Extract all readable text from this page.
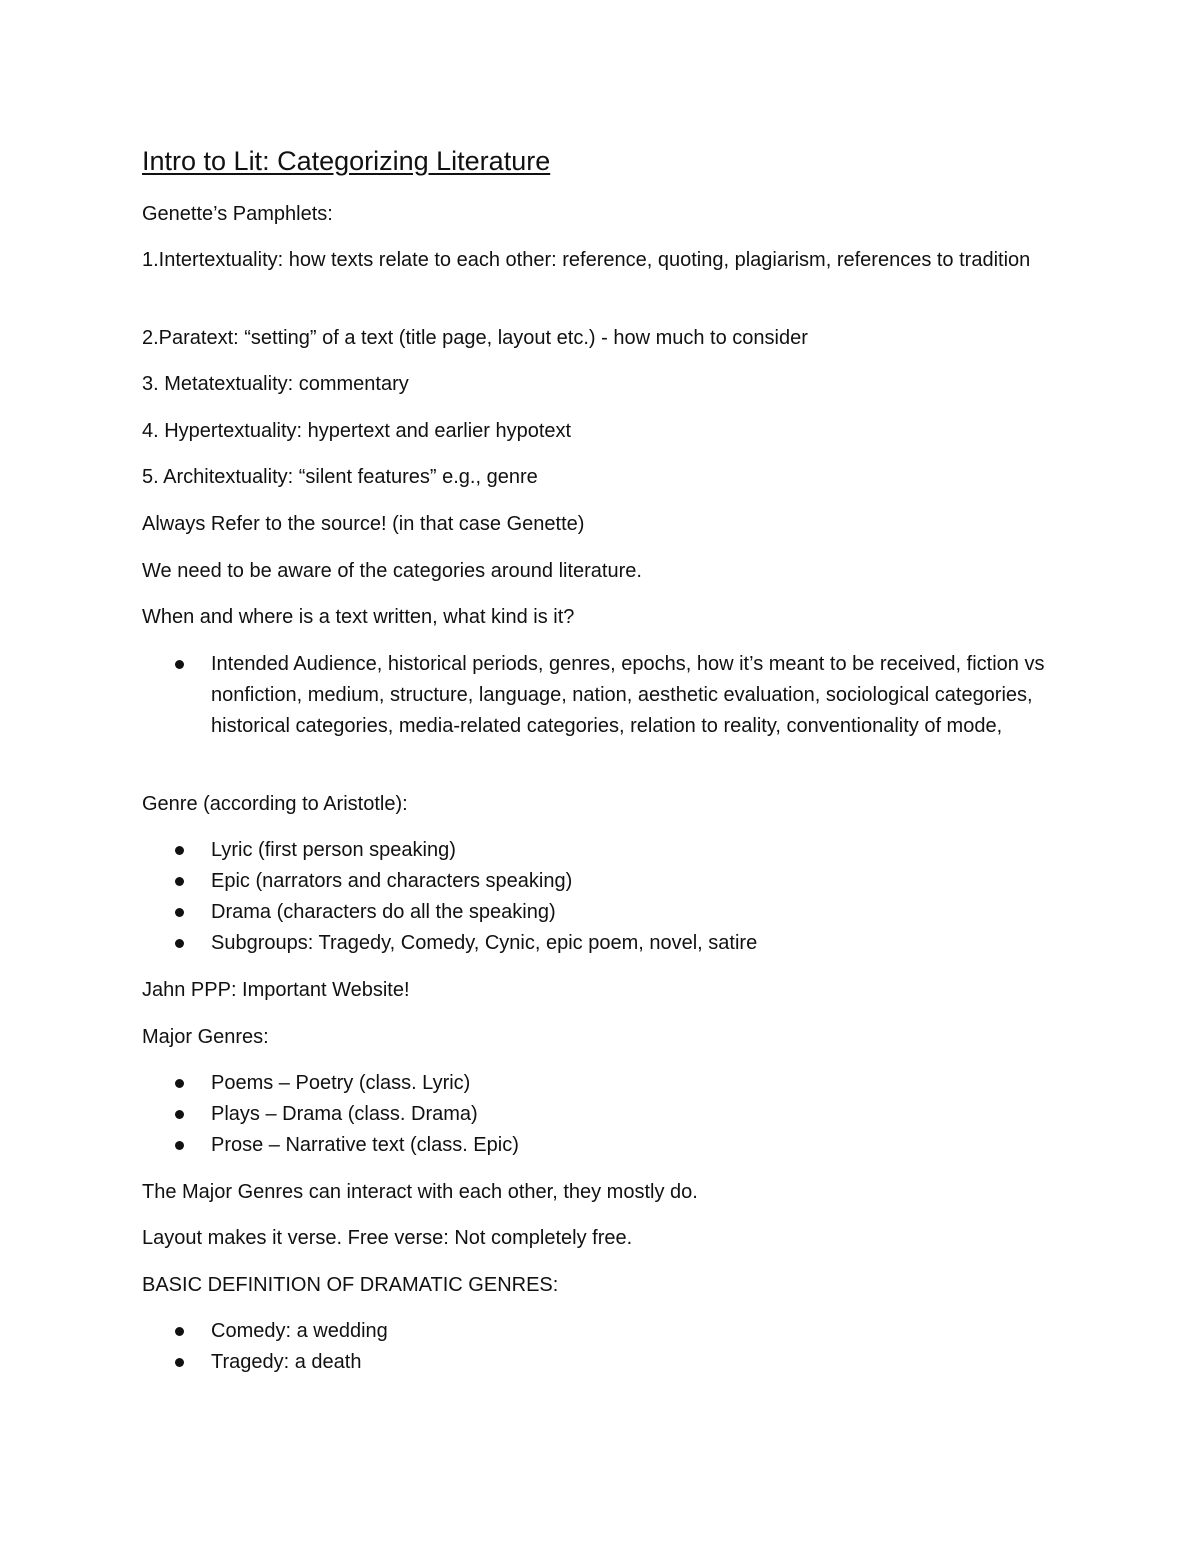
Intro to Lit: Categorizing Literature
Genette’s Pamphlets:
1.Intertextuality: how texts relate to each other: reference, quoting, plagiarism, references to tradition
2.Paratext: “setting” of a text (title page, layout etc.) - how much to consider
3. Metatextuality: commentary
4. Hypertextuality: hypertext and earlier hypotext
5. Architextuality: “silent features” e.g., genre
Always Refer to the source! (in that case Genette)
We need to be aware of the categories around literature.
When and where is a text written, what kind is it?
Intended Audience, historical periods, genres, epochs, how it’s meant to be received, fiction vs nonfiction, medium, structure, language, nation, aesthetic evaluation, sociological categories, historical categories, media-related categories, relation to reality, conventionality of mode,
Genre (according to Aristotle):
Lyric (first person speaking)
Epic (narrators and characters speaking)
Drama (characters do all the speaking)
Subgroups: Tragedy, Comedy, Cynic, epic poem, novel, satire
Jahn PPP: Important Website!
Major Genres:
Poems – Poetry (class. Lyric)
Plays – Drama (class. Drama)
Prose – Narrative text (class. Epic)
The Major Genres can interact with each other, they mostly do.
Layout makes it verse. Free verse: Not completely free.
BASIC DEFINITION OF DRAMATIC GENRES:
Comedy: a wedding
Tragedy: a death
